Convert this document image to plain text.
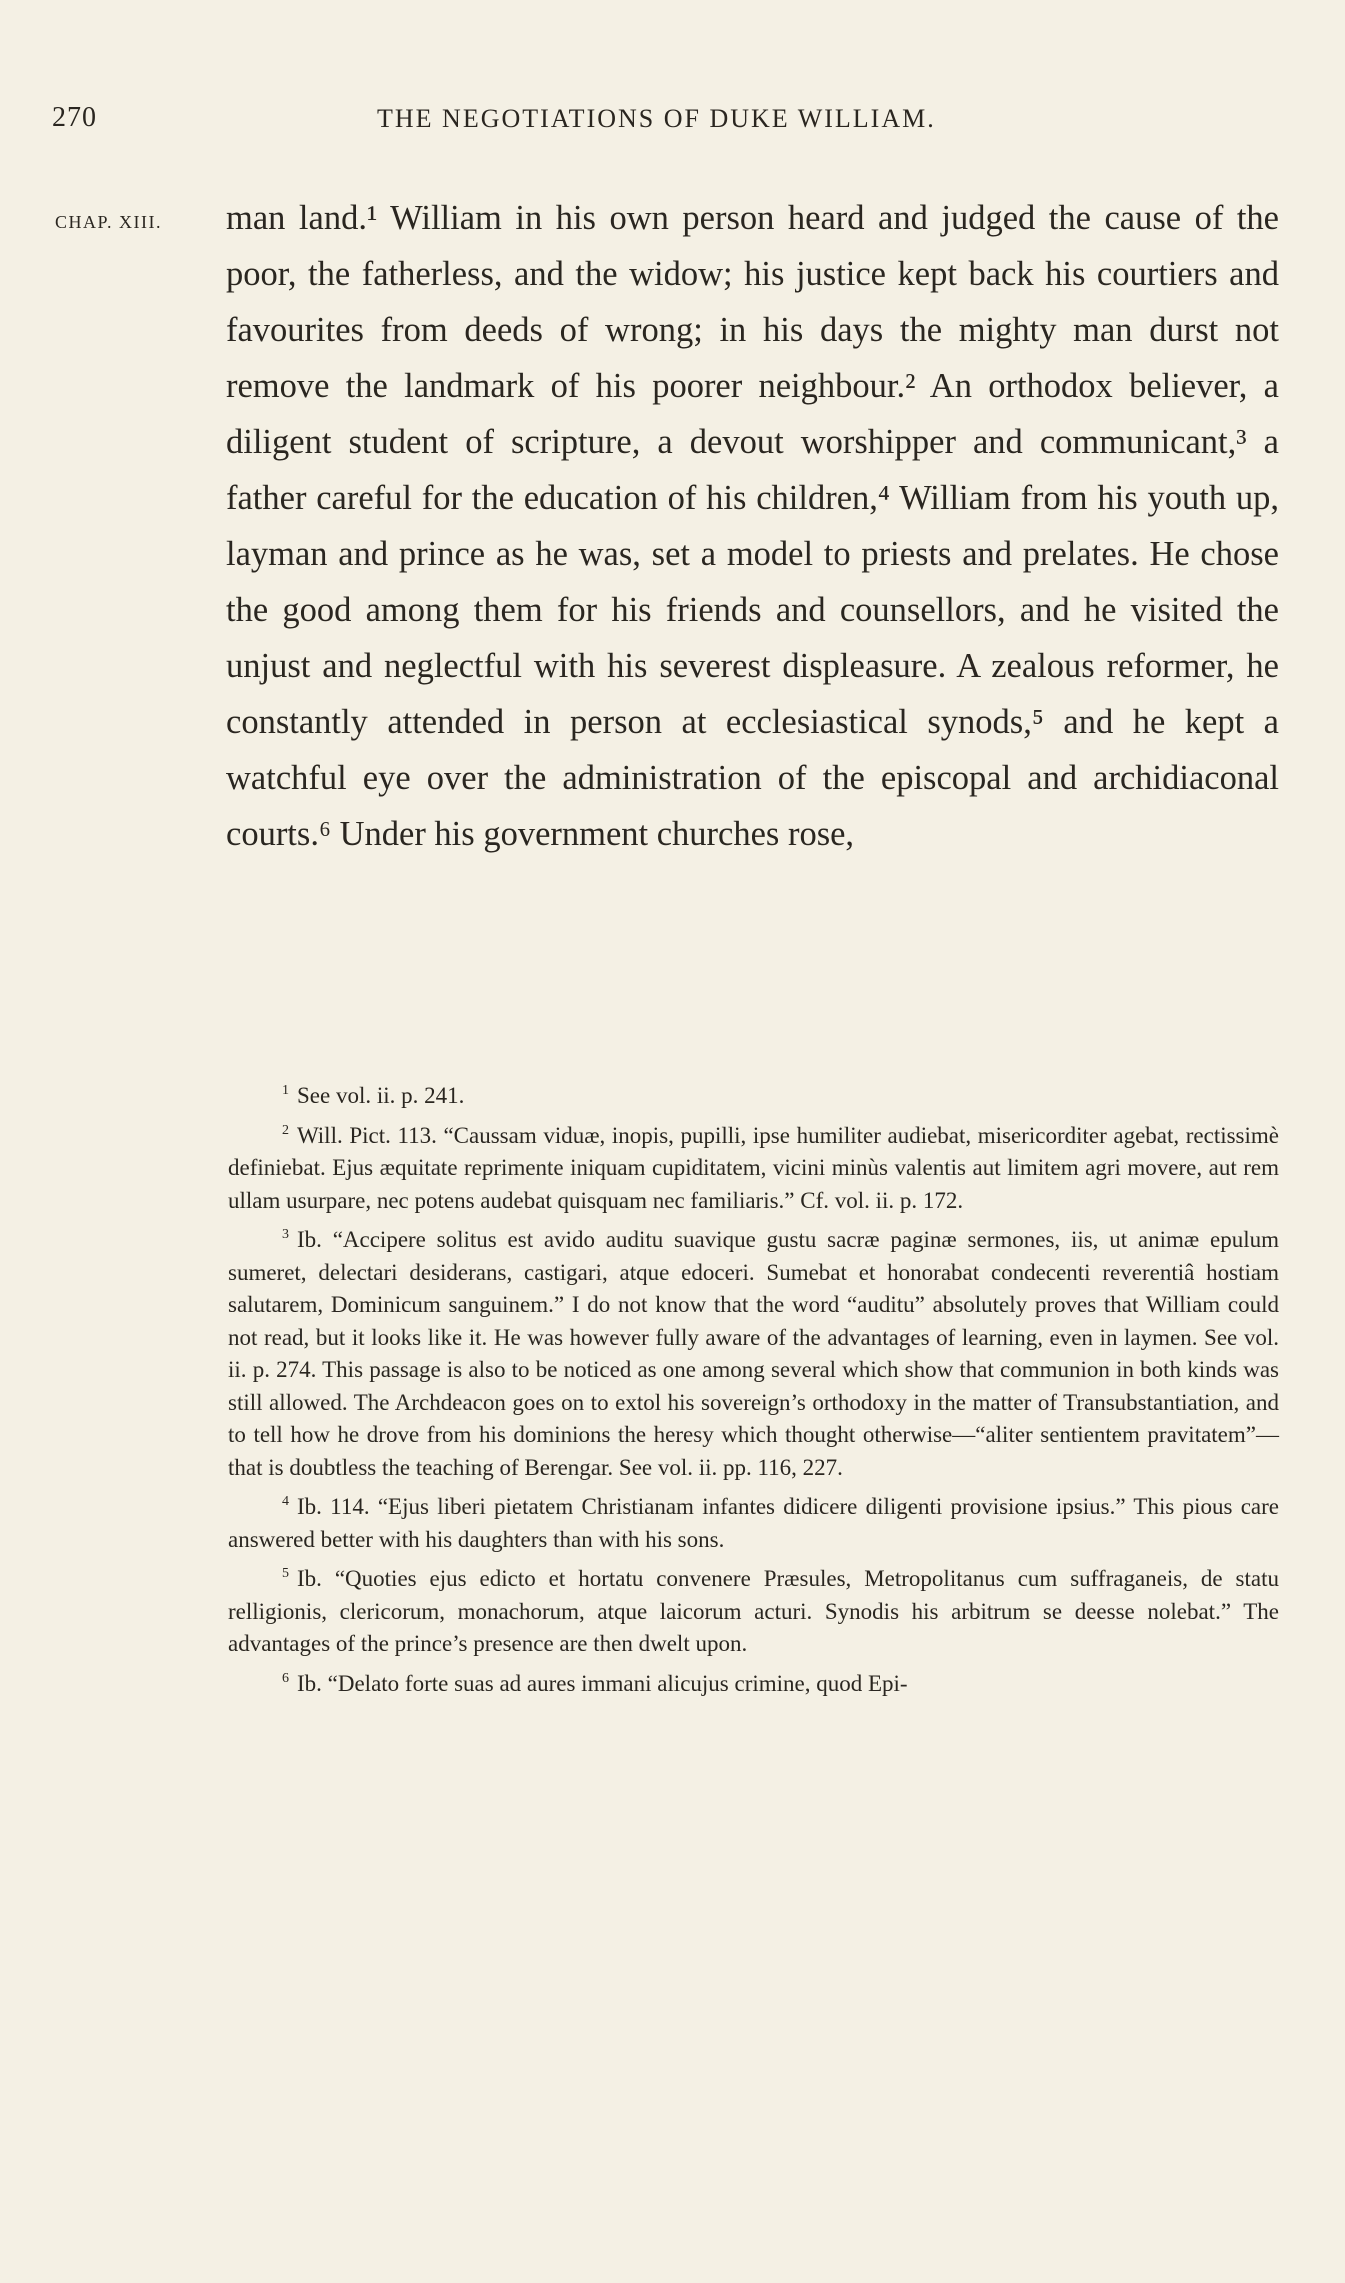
270	THE NEGOTIATIONS OF DUKE WILLIAM.
CHAP. XIII. man land.¹ William in his own person heard and judged the cause of the poor, the fatherless, and the widow; his justice kept back his courtiers and favourites from deeds of wrong; in his days the mighty man durst not remove the landmark of his poorer neighbour.² An orthodox believer, a diligent student of scripture, a devout worshipper and communicant,³ a father careful for the education of his children,⁴ William from his youth up, layman and prince as he was, set a model to priests and prelates. He chose the good among them for his friends and counsellors, and he visited the unjust and neglectful with his severest displeasure. A zealous reformer, he constantly attended in person at ecclesiastical synods,⁵ and he kept a watchful eye over the administration of the episcopal and archidiaconal courts.⁶ Under his government churches rose,

$^1$ See vol. ii. p. 241.

$^2$ Will. Pict. 113. “Caussam viduæ, inopis, pupilli, ipse humiliter audiebat, misericorditer agebat, rectissimè definiebat. Ejus æquitate reprimente iniquam cupiditatem, vicini minùs valentis aut limitem agri movere, aut rem ullam usurpare, nec potens audebat quisquam nec familiaris.” Cf. vol. ii. p. 172.

$^3$ Ib. “Accipere solitus est avido auditu suavique gustu sacræ paginæ sermones, iis, ut animæ epulum sumeret, delectari desiderans, castigari, atque edoceri. Sumebat et honorabat condecenti reverentiâ hostiam salutarem, Dominicum sanguinem.” I do not know that the word “auditu” absolutely proves that William could not read, but it looks like it. He was however fully aware of the advantages of learning, even in laymen. See vol. ii. p. 274. This passage is also to be noticed as one among several which show that communion in both kinds was still allowed. The Archdeacon goes on to extol his sovereign’s orthodoxy in the matter of Transubstantiation, and to tell how he drove from his dominions the heresy which thought otherwise—“aliter sentientem pravitatem”—that is doubtless the teaching of Berengar. See vol. ii. pp. 116, 227.

$^4$ Ib. 114. “Ejus liberi pietatem Christianam infantes didicere diligenti provisione ipsius.” This pious care answered better with his daughters than with his sons.

$^5$ Ib. “Quoties ejus edicto et hortatu convenere Præsules, Metropolitanus cum suffraganeis, de statu relligionis, clericorum, monachorum, atque laicorum acturi. Synodis his arbitrum se deesse nolebat.” The advantages of the prince’s presence are then dwelt upon.

$^6$ Ib. “Delato forte suas ad aures immani alicujus crimine, quod Epi-
